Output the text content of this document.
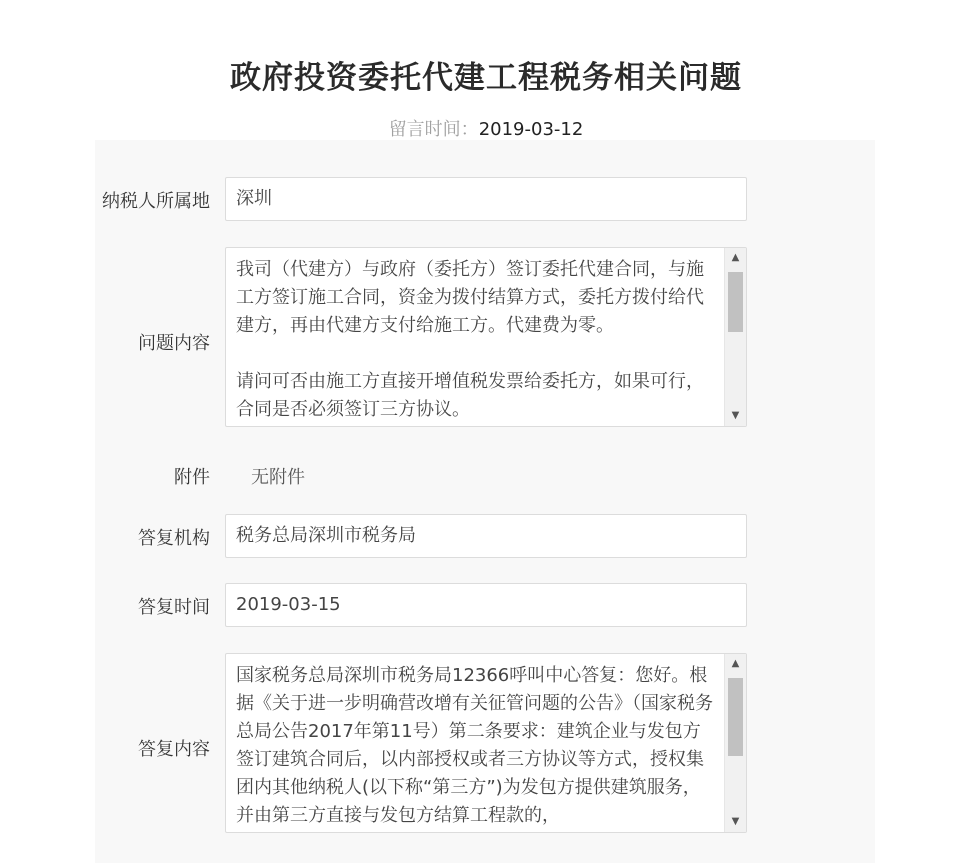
政府投资委托代建工程税务相关问题
留言时间：2019-03-12
纳税人所属地	深圳
问题内容

我司（代建方）与政府（委托方）签订委托代建合同，与施工方签订施工合同，资金为拨付结算方式，委托方拨付给代建方，再由代建方支付给施工方。代建费为零。

请问可否由施工方直接开增值税发票给委托方，如果可行，合同是否必须签订三方协议。

▲
▼
附件 无附件
答复机构	税务总局深圳市税务局
答复时间	2019-03-15
答复内容

国家税务总局深圳市税务局12366呼叫中心答复：您好。根据《关于进一步明确营改增有关征管问题的公告》（国家税务总局公告2017年第11号）第二条要求：建筑企业与发包方签订建筑合同后，以内部授权或者三方协议等方式，授权集团内其他纳税人(以下称“第三方”)为发包方提供建筑服务，并由第三方直接与发包方结算工程款的，

▲
▼
